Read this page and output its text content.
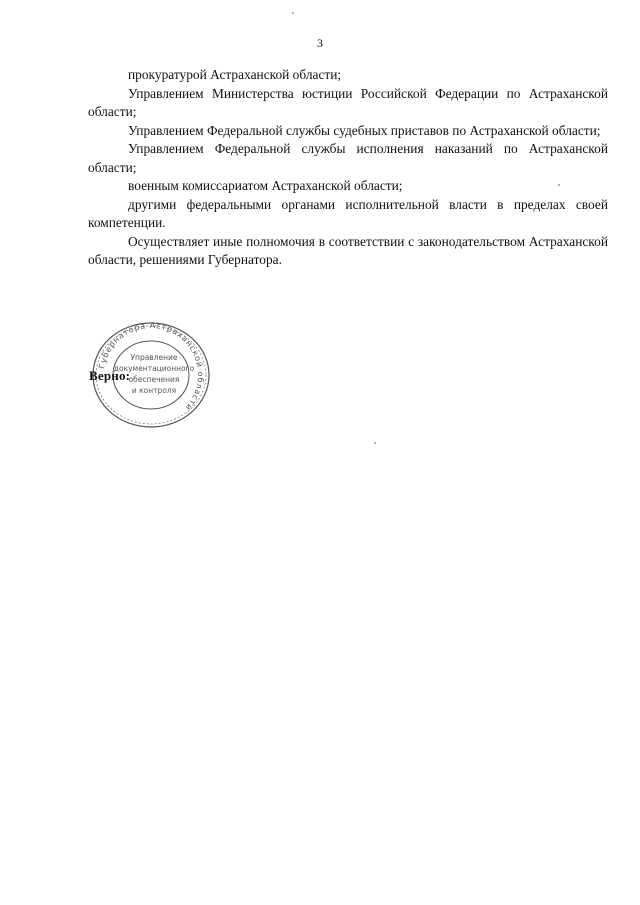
3

прокуратурой Астраханской области;

Управлением Министерства юстиции Российской Федерации по Астраханской области;

Управлением Федеральной службы судебных приставов по Астраханской области;

Управлением Федеральной службы исполнения наказаний по Астраханской области;

военным комиссариатом Астраханской области;

другими федеральными органами исполнительной власти в пределах своей компетенции.

Осуществляет иные полномочия в соответствии с законодательством Астраханской области, решениями Губернатора.

Губернатора Астраханской области
Управление
документационного
обеспечения
и контроля
Верно:
